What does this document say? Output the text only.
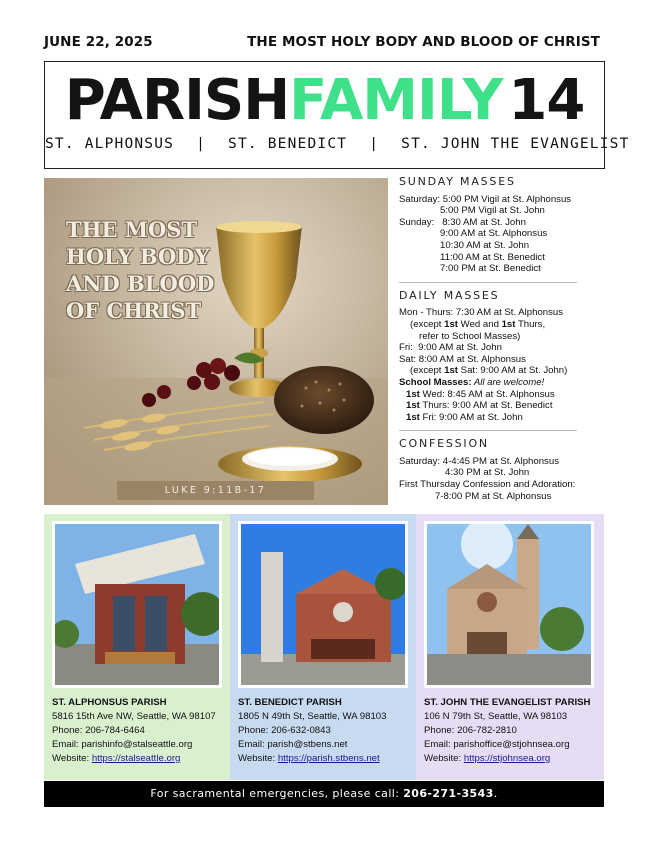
JUNE 22, 2025	THE MOST HOLY BODY AND BLOOD OF CHRIST
PARISHFAMILY 14
ST. ALPHONSUS | ST. BENEDICT | ST. JOHN THE EVANGELIST
THE MOST HOLY BODY AND BLOOD OF CHRIST
LUKE 9:11B-17
SUNDAY MASSES
Saturday: 5:00 PM Vigil at St. Alphonsus
5:00 PM Vigil at St. John
Sunday:   8:30 AM at St. John
9:00 AM at St. Alphonsus
10:30 AM at St. John
11:00 AM at St. Benedict
7:00 PM at St. Benedict
DAILY MASSES
Mon - Thurs: 7:30 AM at St. Alphonsus
(except 1st Wed and 1st Thurs,
refer to School Masses)
Fri:  9:00 AM at St. John
Sat: 8:00 AM at St. Alphonsus
(except 1st Sat: 9:00 AM at St. John)
School Masses: All are welcome!
1st Wed: 8:45 AM at St. Alphonsus
1st Thurs: 9:00 AM at St. Benedict
1st Fri: 9:00 AM at St. John
CONFESSION
Saturday: 4-4:45 PM at St. Alphonsus
4:30 PM at St. John
First Thursday Confession and Adoration:
7-8:00 PM at St. Alphonsus
ST. ALPHONSUS PARISH
5816 15th Ave NW, Seattle, WA 98107
Phone: 206-784-6464
Email: parishinfo@stalseattle.org
Website: https://stalseattle.org
ST. BENEDICT PARISH
1805 N 49th St, Seattle, WA 98103
Phone: 206-632-0843
Email: parish@stbens.net
Website: https://parish.stbens.net
ST. JOHN THE EVANGELIST PARISH
106 N 79th St, Seattle, WA 98103
Phone: 206-782-2810
Email: parishoffice@stjohnsea.org
Website: https://stjohnsea.org
For sacramental emergencies, please call: 206-271-3543.
